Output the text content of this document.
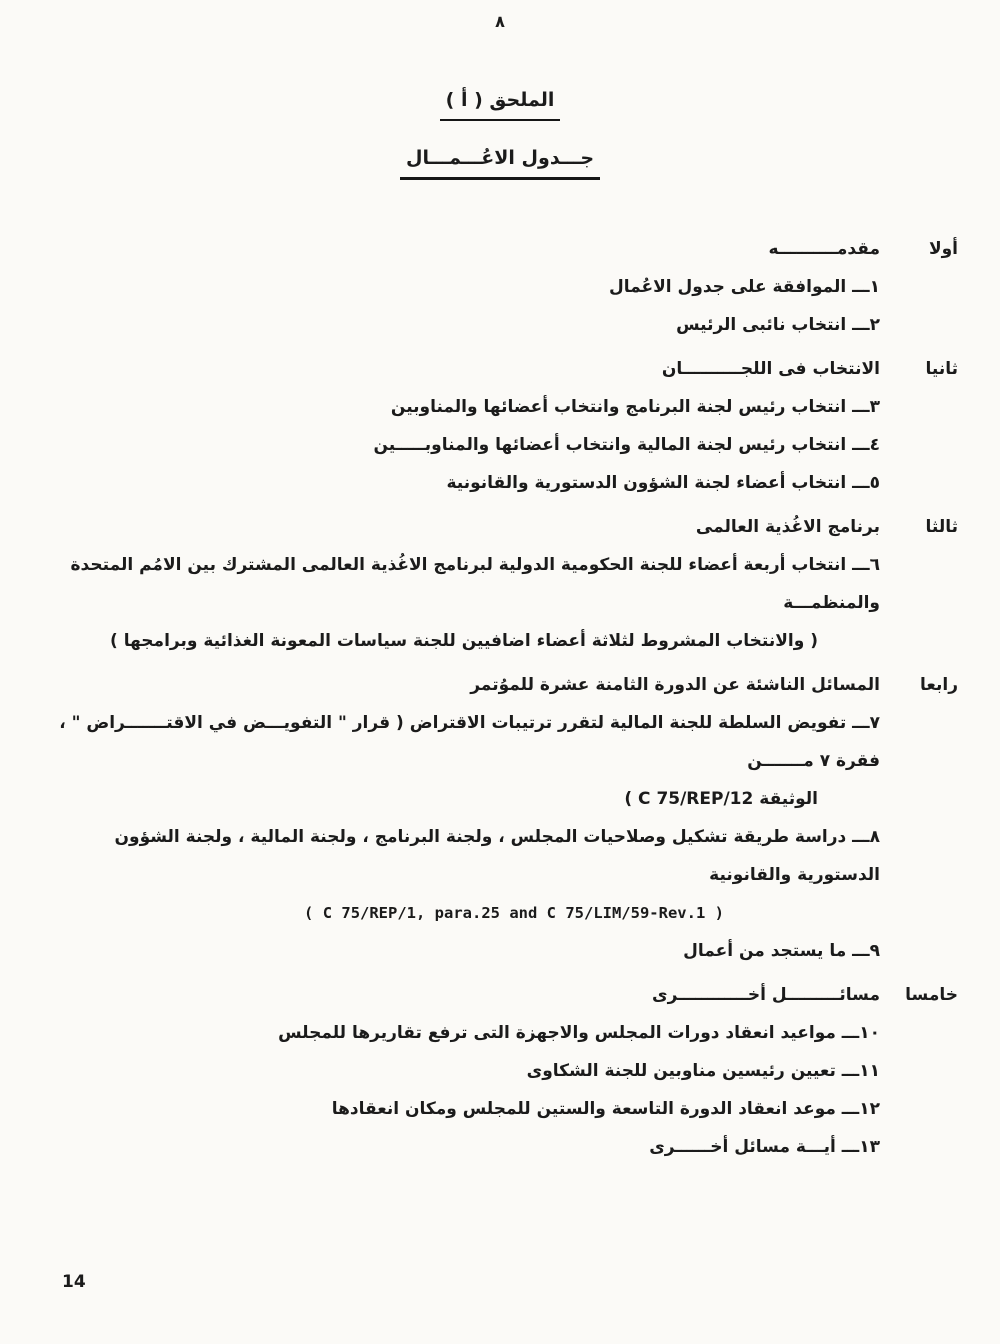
٨
الملحق ( أ )
جـــدول الاعُـــمـــال
أولا
مقدمــــــــــه
١ـــ الموافقة على جدول الاعُمال
٢ـــ انتخاب نائبى الرئيس
ثانيا
الانتخاب فى اللجــــــــــان
٣ـــ انتخاب رئيس لجنة البرنامج وانتخاب أعضائها والمناوبين
٤ـــ انتخاب رئيس لجنة المالية وانتخاب أعضائها والمناوبـــــين
٥ـــ انتخاب أعضاء لجنة الشؤون الدستورية والقانونية
ثالثا
برنامج الاغُذية العالمى
٦ـــ انتخاب أربعة أعضاء للجنة الحكومية الدولية لبرنامج الاغُذية العالمى المشترك بين الامُم المتحدة والمنظمـــة
( والانتخاب المشروط لثلاثة أعضاء اضافيين للجنة سياسات المعونة الغذائية وبرامجها )
رابعا
المسائل الناشئة عن الدورة الثامنة عشرة للموُتمر
٧ـــ تفويض السلطة للجنة المالية لتقرر ترتيبات الاقتراض ( قرار " التفويـــض في الاقتـــــــراض " ، فقرة ٧ مـــــــن
الوثيقة C 75/REP/12 )
٨ـــ دراسة طريقة تشكيل وصلاحيات المجلس ، ولجنة البرنامج ، ولجنة المالية ، ولجنة الشؤون الدستورية والقانونية
( C 75/REP/1, para.25 and C 75/LIM/59-Rev.1 )
٩ـــ ما يستجد من أعمال
خامسا
مسائـــــــــل أخــــــــــــرى
١٠ـــ مواعيد انعقاد دورات المجلس والاجهزة التى ترفع تقاريرها للمجلس
١١ـــ تعيين رئيسين مناوبين للجنة الشكاوى
١٢ـــ موعد انعقاد الدورة التاسعة والستين للمجلس ومكان انعقادها
١٣ـــ أيـــة مسائل أخــــــرى
14
